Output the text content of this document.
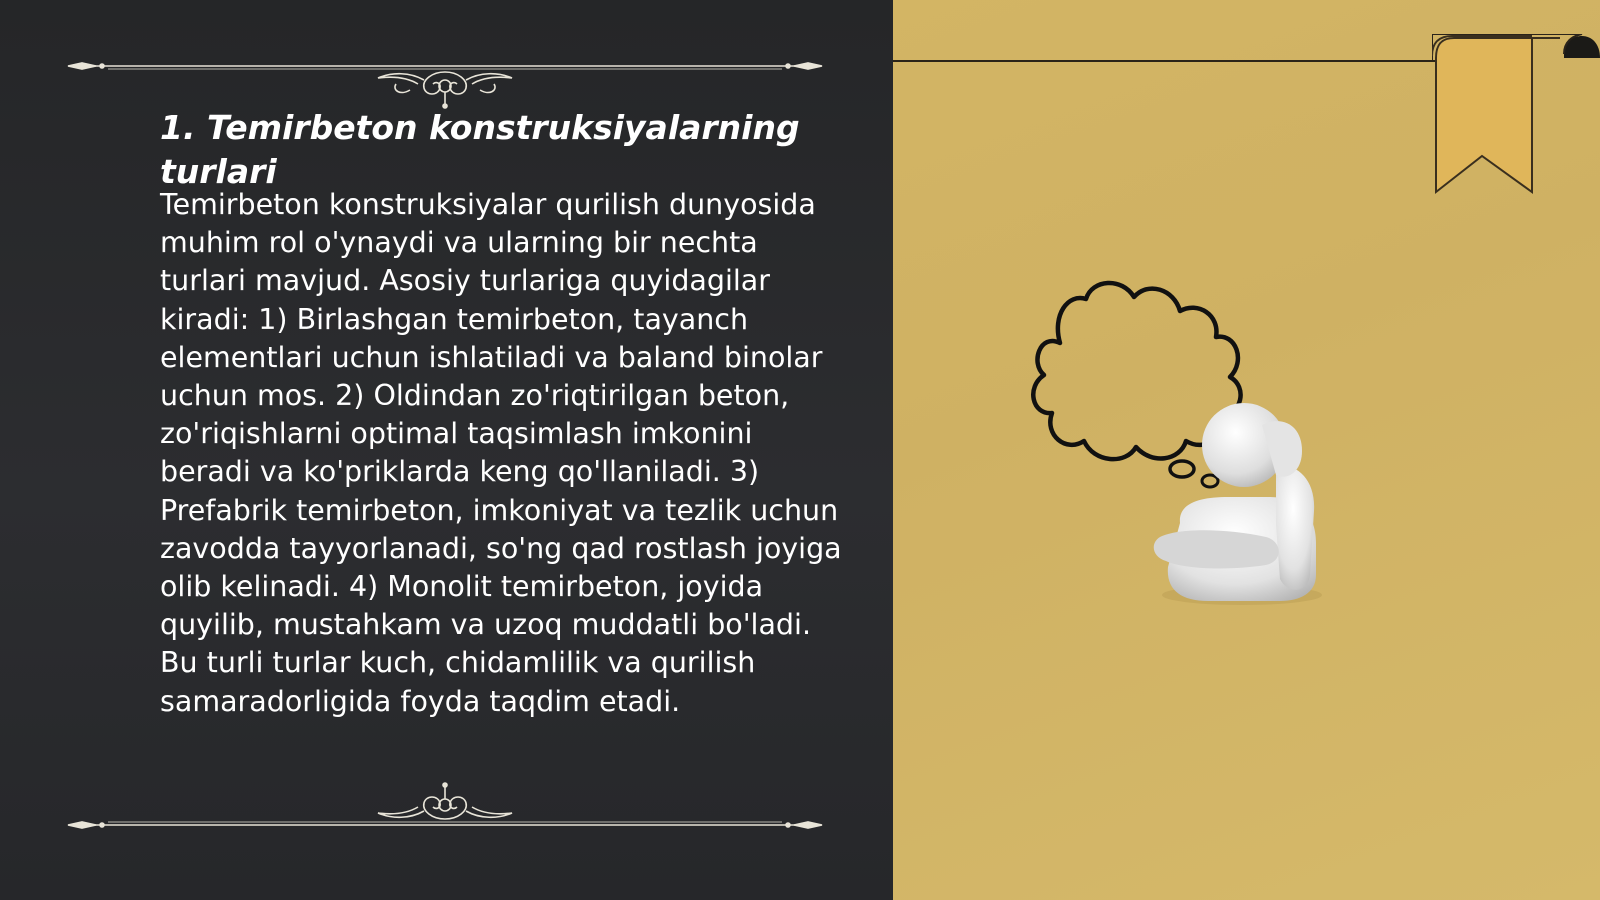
1. Temirbeton konstruksiyalarning turlari

Temirbeton konstruksiyalar qurilish dunyosida muhim rol o'ynaydi va ularning bir nechta turlari mavjud. Asosiy turlariga quyidagilar kiradi: 1) Birlashgan temirbeton, tayanch elementlari uchun ishlatiladi va baland binolar uchun mos. 2) Oldindan zo'riqtirilgan beton, zo'riqishlarni optimal taqsimlash imkonini beradi va ko'priklarda keng qo'llaniladi. 3) Prefabrik temirbeton, imkoniyat va tezlik uchun zavodda tayyorlanadi, so'ng qad rostlash joyiga olib kelinadi. 4) Monolit temirbeton, joyida quyilib, mustahkam va uzoq muddatli bo'ladi. Bu turli turlar kuch, chidamlilik va qurilish samaradorligida foyda taqdim etadi.
